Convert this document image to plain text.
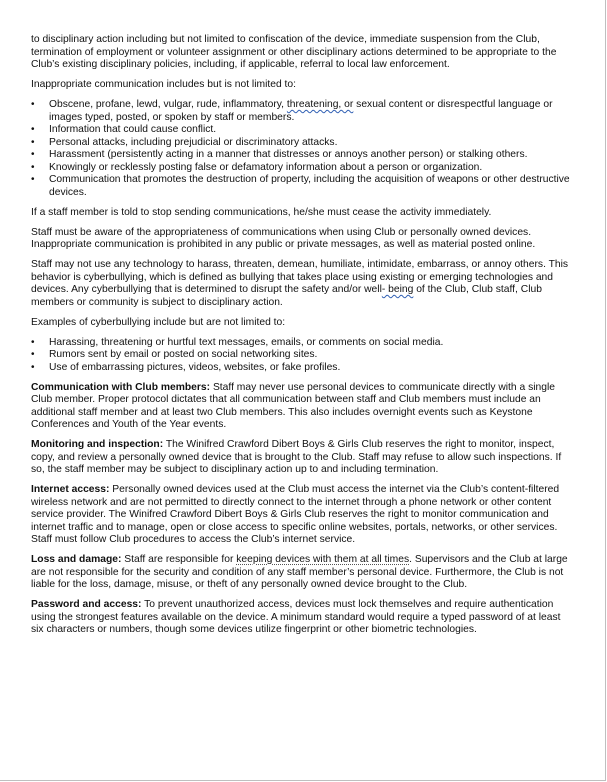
to disciplinary action including but not limited to confiscation of the device, immediate suspension from the Club, termination of employment or volunteer assignment or other disciplinary actions determined to be appropriate to the Club’s existing disciplinary policies, including, if applicable, referral to local law enforcement.

Inappropriate communication includes but is not limited to:

• Obscene, profane, lewd, vulgar, rude, inflammatory, threatening, or sexual content or disrespectful language or images typed, posted, or spoken by staff or members.
• Information that could cause conflict.
• Personal attacks, including prejudicial or discriminatory attacks.
• Harassment (persistently acting in a manner that distresses or annoys another person) or stalking others.
• Knowingly or recklessly posting false or defamatory information about a person or organization.
• Communication that promotes the destruction of property, including the acquisition of weapons or other destructive devices.

If a staff member is told to stop sending communications, he/she must cease the activity immediately.

Staff must be aware of the appropriateness of communications when using Club or personally owned devices. Inappropriate communication is prohibited in any public or private messages, as well as material posted online.

Staff may not use any technology to harass, threaten, demean, humiliate, intimidate, embarrass, or annoy others. This behavior is cyberbullying, which is defined as bullying that takes place using existing or emerging technologies and devices. Any cyberbullying that is determined to disrupt the safety and/or well- being of the Club, Club staff, Club members or community is subject to disciplinary action.

Examples of cyberbullying include but are not limited to:

• Harassing, threatening or hurtful text messages, emails, or comments on social media.
• Rumors sent by email or posted on social networking sites.
• Use of embarrassing pictures, videos, websites, or fake profiles.

Communication with Club members: Staff may never use personal devices to communicate directly with a single Club member. Proper protocol dictates that all communication between staff and Club members must include an additional staff member and at least two Club members. This also includes overnight events such as Keystone Conferences and Youth of the Year events.

Monitoring and inspection: The Winifred Crawford Dibert Boys & Girls Club reserves the right to monitor, inspect, copy, and review a personally owned device that is brought to the Club. Staff may refuse to allow such inspections. If so, the staff member may be subject to disciplinary action up to and including termination.

Internet access: Personally owned devices used at the Club must access the internet via the Club’s content-filtered wireless network and are not permitted to directly connect to the internet through a phone network or other content service provider. The Winifred Crawford Dibert Boys & Girls Club reserves the right to monitor communication and internet traffic and to manage, open or close access to specific online websites, portals, networks, or other services. Staff must follow Club procedures to access the Club’s internet service.

Loss and damage: Staff are responsible for keeping devices with them at all times. Supervisors and the Club at large are not responsible for the security and condition of any staff member’s personal device. Furthermore, the Club is not liable for the loss, damage, misuse, or theft of any personally owned device brought to the Club.

Password and access: To prevent unauthorized access, devices must lock themselves and require authentication using the strongest features available on the device. A minimum standard would require a typed password of at least six characters or numbers, though some devices utilize fingerprint or other biometric technologies.
